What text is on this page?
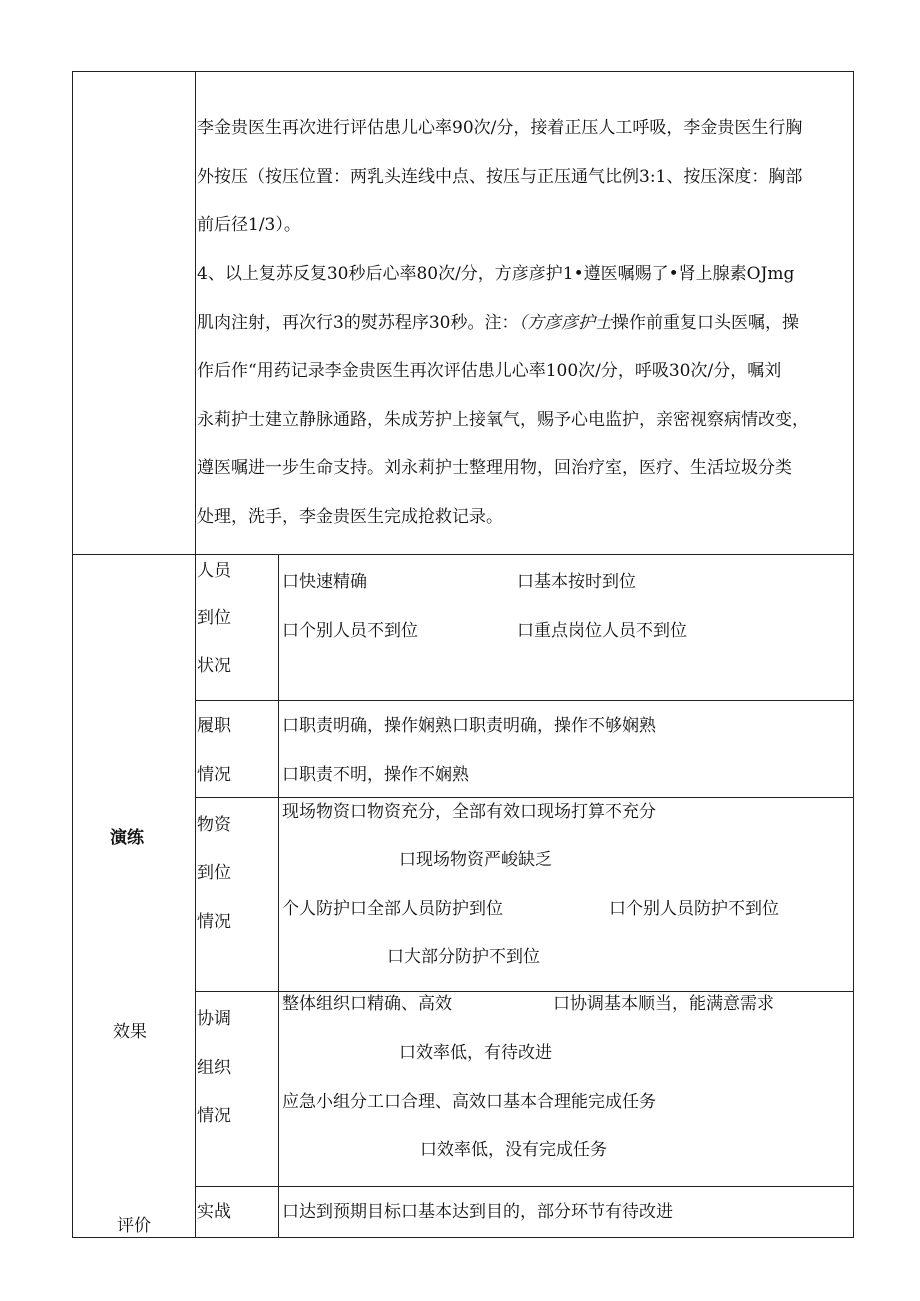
李金贵医生再次进行评估患儿心率90次/分，接着正压人工呼吸，李金贵医生行胸
外按压（按压位置：两乳头连线中点、按压与正压通气比例3:1、按压深度：胸部
前后径1/3）。
4、以上复苏反复30秒后心率80次/分，方彦彦护1•遵医嘱赐了•肾上腺素OJmg
肌肉注射，再次行3的熨苏程序30秒。注：（方彦彦护士操作前重复口头医嘱，操
作后作“用药记录李金贵医生再次评估患儿心率100次/分，呼吸30次/分，嘱刘
永莉护士建立静脉通路，朱成芳护上接氧气，赐予心电监护，亲密视察病情改变，
遵医嘱进一步生命支持。刘永莉护士整理用物，回治疗室，医疗、生活垃圾分类
处理，洗手，李金贵医生完成抢救记录。
演练
效果
评价
人员
到位
状况
口快速精确	口基本按时到位
口个别人员不到位	口重点岗位人员不到位
履职
情况
口职责明确，操作娴熟口职责明确，操作不够娴熟
口职责不明，操作不娴熟
物资
到位
情况
现场物资口物资充分，全部有效口现场打算不充分
口现场物资严峻缺乏
个人防护口全部人员防护到位	口个别人员防护不到位
口大部分防护不到位
协调
组织
情况
整体组织口精确、高效	口协调基本顺当，能满意需求
口效率低，有待改进
应急小组分工口合理、高效口基本合理能完成任务
口效率低，没有完成任务
实战	口达到预期目标口基本达到目的，部分环节有待改进
